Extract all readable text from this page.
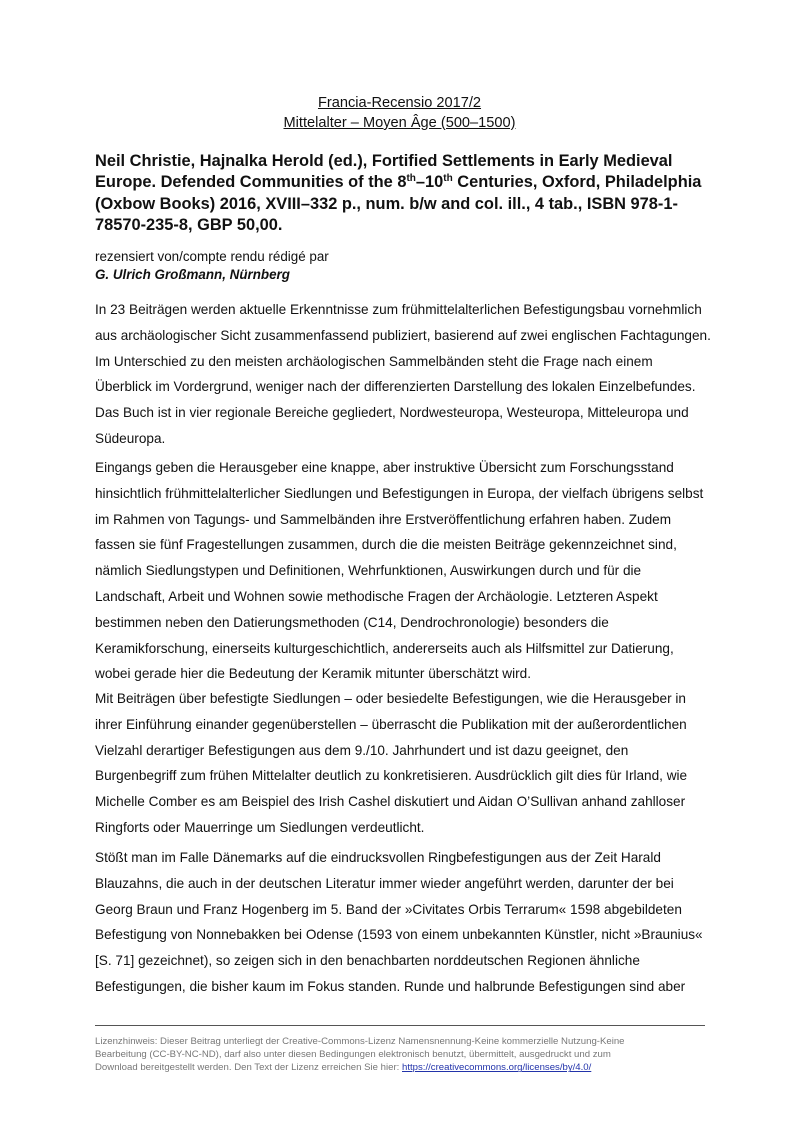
Francia-Recensio 2017/2
Mittelalter – Moyen Âge (500–1500)
Neil Christie, Hajnalka Herold (ed.), Fortified Settlements in Early Medieval Europe. Defended Communities of the 8th–10th Centuries, Oxford, Philadelphia (Oxbow Books) 2016, XVIII–332 p., num. b/w and col. ill., 4 tab., ISBN 978-1-78570-235-8, GBP 50,00.
rezensiert von/compte rendu rédigé par
G. Ulrich Großmann, Nürnberg
In 23 Beiträgen werden aktuelle Erkenntnisse zum frühmittelalterlichen Befestigungsbau vornehmlich
aus archäologischer Sicht zusammenfassend publiziert, basierend auf zwei englischen Fachtagungen.
Im Unterschied zu den meisten archäologischen Sammelbänden steht die Frage nach einem
Überblick im Vordergrund, weniger nach der differenzierten Darstellung des lokalen Einzelbefundes.
Das Buch ist in vier regionale Bereiche gegliedert, Nordwesteuropa, Westeuropa, Mitteleuropa und
Südeuropa.
Eingangs geben die Herausgeber eine knappe, aber instruktive Übersicht zum Forschungsstand
hinsichtlich frühmittelalterlicher Siedlungen und Befestigungen in Europa, der vielfach übrigens selbst
im Rahmen von Tagungs- und Sammelbänden ihre Erstveröffentlichung erfahren haben. Zudem
fassen sie fünf Fragestellungen zusammen, durch die die meisten Beiträge gekennzeichnet sind,
nämlich Siedlungstypen und Definitionen, Wehrfunktionen, Auswirkungen durch und für die
Landschaft, Arbeit und Wohnen sowie methodische Fragen der Archäologie. Letzteren Aspekt
bestimmen neben den Datierungsmethoden (C14, Dendrochronologie) besonders die
Keramikforschung, einerseits kulturgeschichtlich, andererseits auch als Hilfsmittel zur Datierung,
wobei gerade hier die Bedeutung der Keramik mitunter überschätzt wird.
Mit Beiträgen über befestigte Siedlungen – oder besiedelte Befestigungen, wie die Herausgeber in
ihrer Einführung einander gegenüberstellen – überrascht die Publikation mit der außerordentlichen
Vielzahl derartiger Befestigungen aus dem 9./10. Jahrhundert und ist dazu geeignet, den
Burgenbegriff zum frühen Mittelalter deutlich zu konkretisieren. Ausdrücklich gilt dies für Irland, wie
Michelle Comber es am Beispiel des Irish Cashel diskutiert und Aidan O’Sullivan anhand zahlloser
Ringforts oder Mauerringe um Siedlungen verdeutlicht.
Stößt man im Falle Dänemarks auf die eindrucksvollen Ringbefestigungen aus der Zeit Harald
Blauzahns, die auch in der deutschen Literatur immer wieder angeführt werden, darunter der bei
Georg Braun und Franz Hogenberg im 5. Band der »Civitates Orbis Terrarum« 1598 abgebildeten
Befestigung von Nonnebakken bei Odense (1593 von einem unbekannten Künstler, nicht »Braunius«
[S. 71] gezeichnet), so zeigen sich in den benachbarten norddeutschen Regionen ähnliche
Befestigungen, die bisher kaum im Fokus standen. Runde und halbrunde Befestigungen sind aber
Lizenzhinweis: Dieser Beitrag unterliegt der Creative-Commons-Lizenz Namensnennung-Keine kommerzielle Nutzung-Keine
Bearbeitung (CC-BY-NC-ND), darf also unter diesen Bedingungen elektronisch benutzt, übermittelt, ausgedruckt und zum
Download bereitgestellt werden. Den Text der Lizenz erreichen Sie hier: https://creativecommons.org/licenses/by/4.0/
